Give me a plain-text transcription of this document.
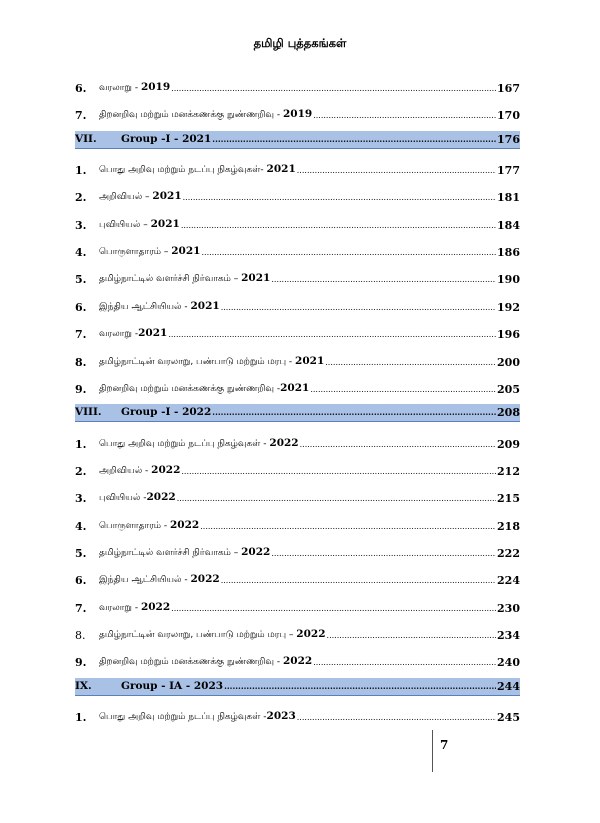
தமிழி புத்தகங்கள்
6.	வரலாறு - 2019 .....	167
7.	திறனறிவு மற்றும் மனக்கணக்கு நுண்ணறிவு - 2019 .....	170
VII.	Group -I - 2021 .....	176
1.	பொது அறிவு மற்றும் நடப்பு நிகழ்வுகள்- 2021 .....	177
2.	அறிவியல் – 2021 .....	181
3.	புவியியல் – 2021 .....	184
4.	பொருளாதாரம் – 2021 .....	186
5.	தமிழ்நாட்டில் வளர்ச்சி நிர்வாகம் – 2021 .....	190
6.	இந்திய ஆட்சியியல் - 2021 .....	192
7.	வரலாறு -2021 .....	196
8.	தமிழ்நாட்டின் வரலாறு, பண்பாடு மற்றும் மரபு - 2021 .....	200
9.	திறனறிவு மற்றும் மனக்கணக்கு நுண்ணறிவு -2021 .....	205
VIII.	Group -I - 2022 .....	208
1.	பொது அறிவு மற்றும் நடப்பு நிகழ்வுகள் - 2022 .....	209
2.	அறிவியல் - 2022 .....	212
3.	புவியியல் -2022 .....	215
4.	பொருளாதாரம் - 2022 .....	218
5.	தமிழ்நாட்டில் வளர்ச்சி நிர்வாகம் – 2022 .....	222
6.	இந்திய ஆட்சியியல் - 2022 .....	224
7.	வரலாறு - 2022 .....	230
8.	தமிழ்நாட்டின் வரலாறு, பண்பாடு மற்றும் மரபு – 2022 .....	234
9.	திறனறிவு மற்றும் மனக்கணக்கு நுண்ணறிவு - 2022 .....	240
IX.	Group - IA - 2023 .....	244
1.	பொது அறிவு மற்றும் நடப்பு நிகழ்வுகள் -2023 .....	245
7
